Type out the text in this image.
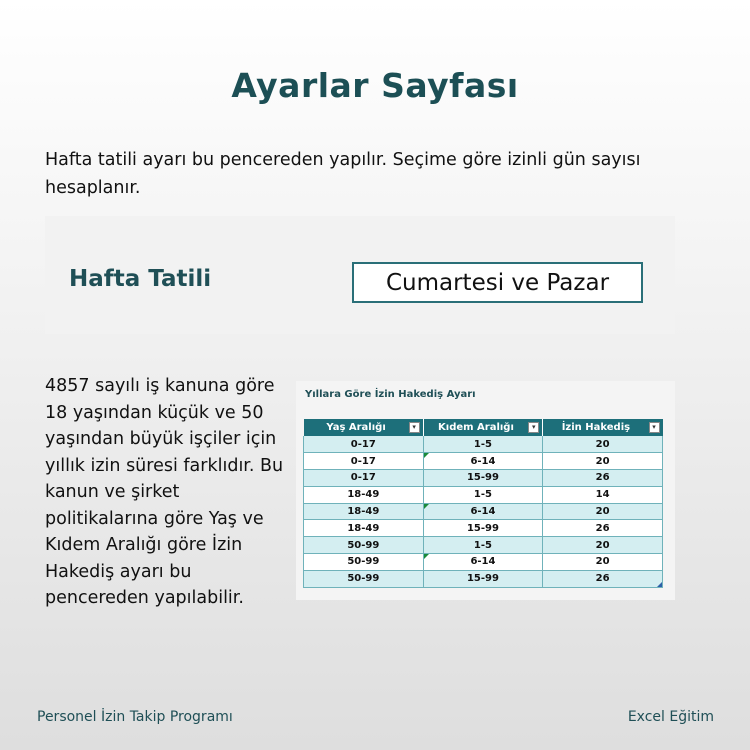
Ayarlar Sayfası
Hafta tatili ayarı bu pencereden yapılır. Seçime göre izinli gün sayısı hesaplanır.
Hafta Tatili	Cumartesi ve Pazar
4857 sayılı iş kanuna göre 18 yaşından küçük ve 50 yaşından büyük işçiler için yıllık izin süresi farklıdır. Bu kanun ve şirket politikalarına göre Yaş ve Kıdem Aralığı göre İzin Hakediş ayarı bu pencereden yapılabilir.
Yıllara Göre İzin Hakediş Ayarı
Yaş Aralığı ▾	Kıdem Aralığı ▾	İzin Hakediş ▾

0-17	1-5	20
0-17	6-14	20
0-17	15-99	26
18-49	1-5	14
18-49	6-14	20
18-49	15-99	26
50-99	1-5	20
50-99	6-14	20
50-99	15-99	26
Personel İzin Takip Programı	Excel Eğitim
